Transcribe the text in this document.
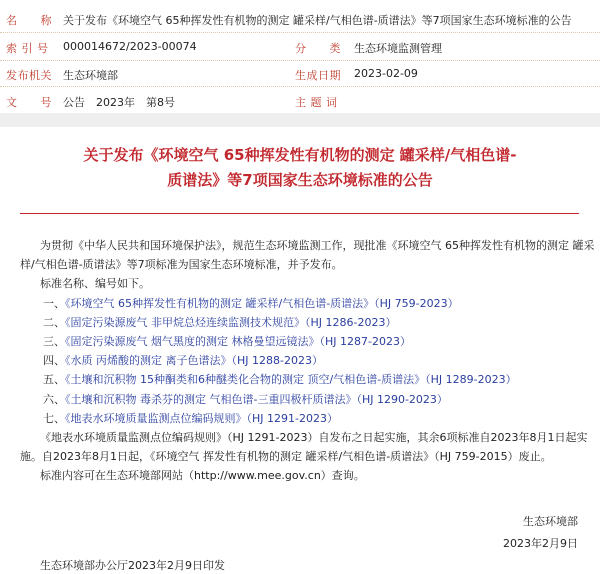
名　　称	关于发布《环境空气 65种挥发性有机物的测定 罐采样/气相色谱-质谱法》等7项国家生态环境标准的公告
索 引 号	000014672/2023-00074	分　　类	生态环境监测管理
发布机关	生态环境部	生成日期	2023-02-09
文　　号	公告　2023年　第8号	主 题 词
关于发布《环境空气 65种挥发性有机物的测定 罐采样/气相色谱-
质谱法》等7项国家生态环境标准的公告
为贯彻《中华人民共和国环境保护法》，规范生态环境监测工作，现批准《环境空气 65种挥发性有机物的测定 罐采
样/气相色谱-质谱法》等7项标准为国家生态环境标准，并予发布。
标准名称、编号如下。
一、《环境空气 65种挥发性有机物的测定 罐采样/气相色谱-质谱法》（HJ 759-2023）
二、《固定污染源废气 非甲烷总烃连续监测技术规范》（HJ 1286-2023）
三、《固定污染源废气 烟气黑度的测定 林格曼望远镜法》（HJ 1287-2023）
四、《水质 丙烯酸的测定 离子色谱法》（HJ 1288-2023）
五、《土壤和沉积物 15种酮类和6种醚类化合物的测定 顶空/气相色谱-质谱法》（HJ 1289-2023）
六、《土壤和沉积物 毒杀芬的测定 气相色谱-三重四极杆质谱法》（HJ 1290-2023）
七、《地表水环境质量监测点位编码规则》（HJ 1291-2023）
《地表水环境质量监测点位编码规则》（HJ 1291-2023）自发布之日起实施，其余6项标准自2023年8月1日起实
施。自2023年8月1日起，《环境空气 挥发性有机物的测定 罐采样/气相色谱-质谱法》（HJ 759-2015）废止。
标准内容可在生态环境部网站（http://www.mee.gov.cn）查询。
生态环境部
2023年2月9日
生态环境部办公厅2023年2月9日印发
